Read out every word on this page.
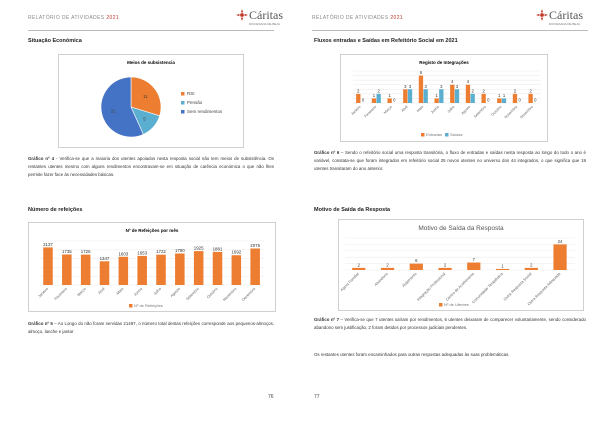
RELATÓRIO DE ATIVIDADES 2021	Cáritas
DIOCESANA DE BEJA
Situação Económica
Meios de subsistencia
11
5
21
RSI
Pensão
Sem rendimentos
Gráfico nº 4 - Verifica-se que a maioria dos utentes apoiados nesta resposta social não tem meios de subsistência. Os restantes utentes mesmo com alguns rendimentos encontravam-se em situação de carência económica o que não lhes permite fazer face às necessidades básicas.
Número de refeições
Nº de Refeições por mês
2137
1735 1726
1347
1603 1653 1722 1790 1925 1881
1692
2075
Janeiro Fevereiro Março	Abril	Maio Junho	Julho Agosto Setembro Outubro Novembro Dezembro
Nº de Refeições
Gráfico nº 5 – Ao Longo do não foram servidas 21497, o número total destas refeições corresponde aos pequenos-almoços, almoço, lanche e jantar
76
RELATÓRIO DE ATIVIDADES 2021	Cáritas
DIOCESANA DE BEJA
Fluxos entradas e Saídas em Refeitório Social em 2021
Registo de Integrações
2
0
1
2
1
0
3 3
6
3
1
3
4
3
4
2 2
0
1 1
2
0
2
0
Janeiro Fevereiro Março Abril Maio Junho Julho Agosto Setembro Outubro Novembro Dezembro
Entradas Saídas
Gráfico nº 6 – Sendo o refeitório social uma resposta transitória, o fluxo de entradas e saídas nesta resposta ao longo do todo o ano é variável, constata-se que foram integrados em refeitório social 25 novos utentes no universo dos 44 integrados, o que significa que 19 utentes transitaram do ano anterior.
Motivo de Saída da Resposta
Motivo de Saída da Resposta
2	2
6
2
7
1	2
24
Agora Familiar	Abandono	Alojamento
Integração Profissional
Centro de Acolhimento
Comunidade Terapêutica Outra Resposta Social
Outra Resposta Adequada
Nº de Utentes
Gráfico nº 7 – Verifica-se que 7 utentes saíram por rendimentos, 6 utentes deixaram de comparecer voluntariamente, sendo considerado abandono sem justificação, 2 foram detidos por processos judiciais pendentes.
Os restantes utentes foram encaminhados para outras respostas adequadas às suas problemáticas.
77
